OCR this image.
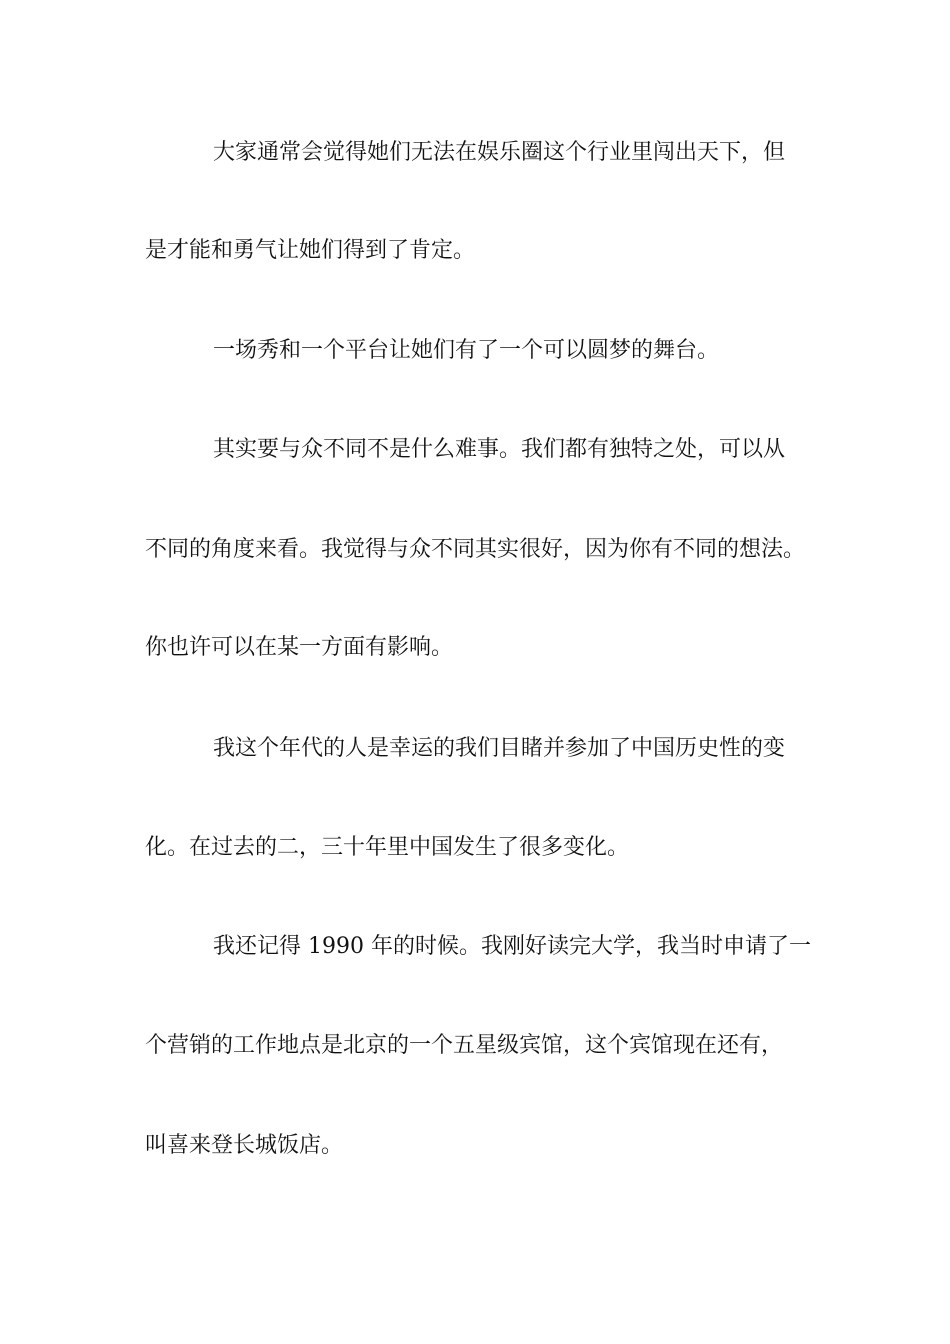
大家通常会觉得她们无法在娱乐圈这个行业里闯出天下，但
是才能和勇气让她们得到了肯定。
一场秀和一个平台让她们有了一个可以圆梦的舞台。
其实要与众不同不是什么难事。我们都有独特之处，可以从
不同的角度来看。我觉得与众不同其实很好，因为你有不同的想法。
你也许可以在某一方面有影响。
我这个年代的人是幸运的我们目睹并参加了中国历史性的变
化。在过去的二，三十年里中国发生了很多变化。
我还记得 1990 年的时候。我刚好读完大学，我当时申请了一
个营销的工作地点是北京的一个五星级宾馆，这个宾馆现在还有，
叫喜来登长城饭店。
